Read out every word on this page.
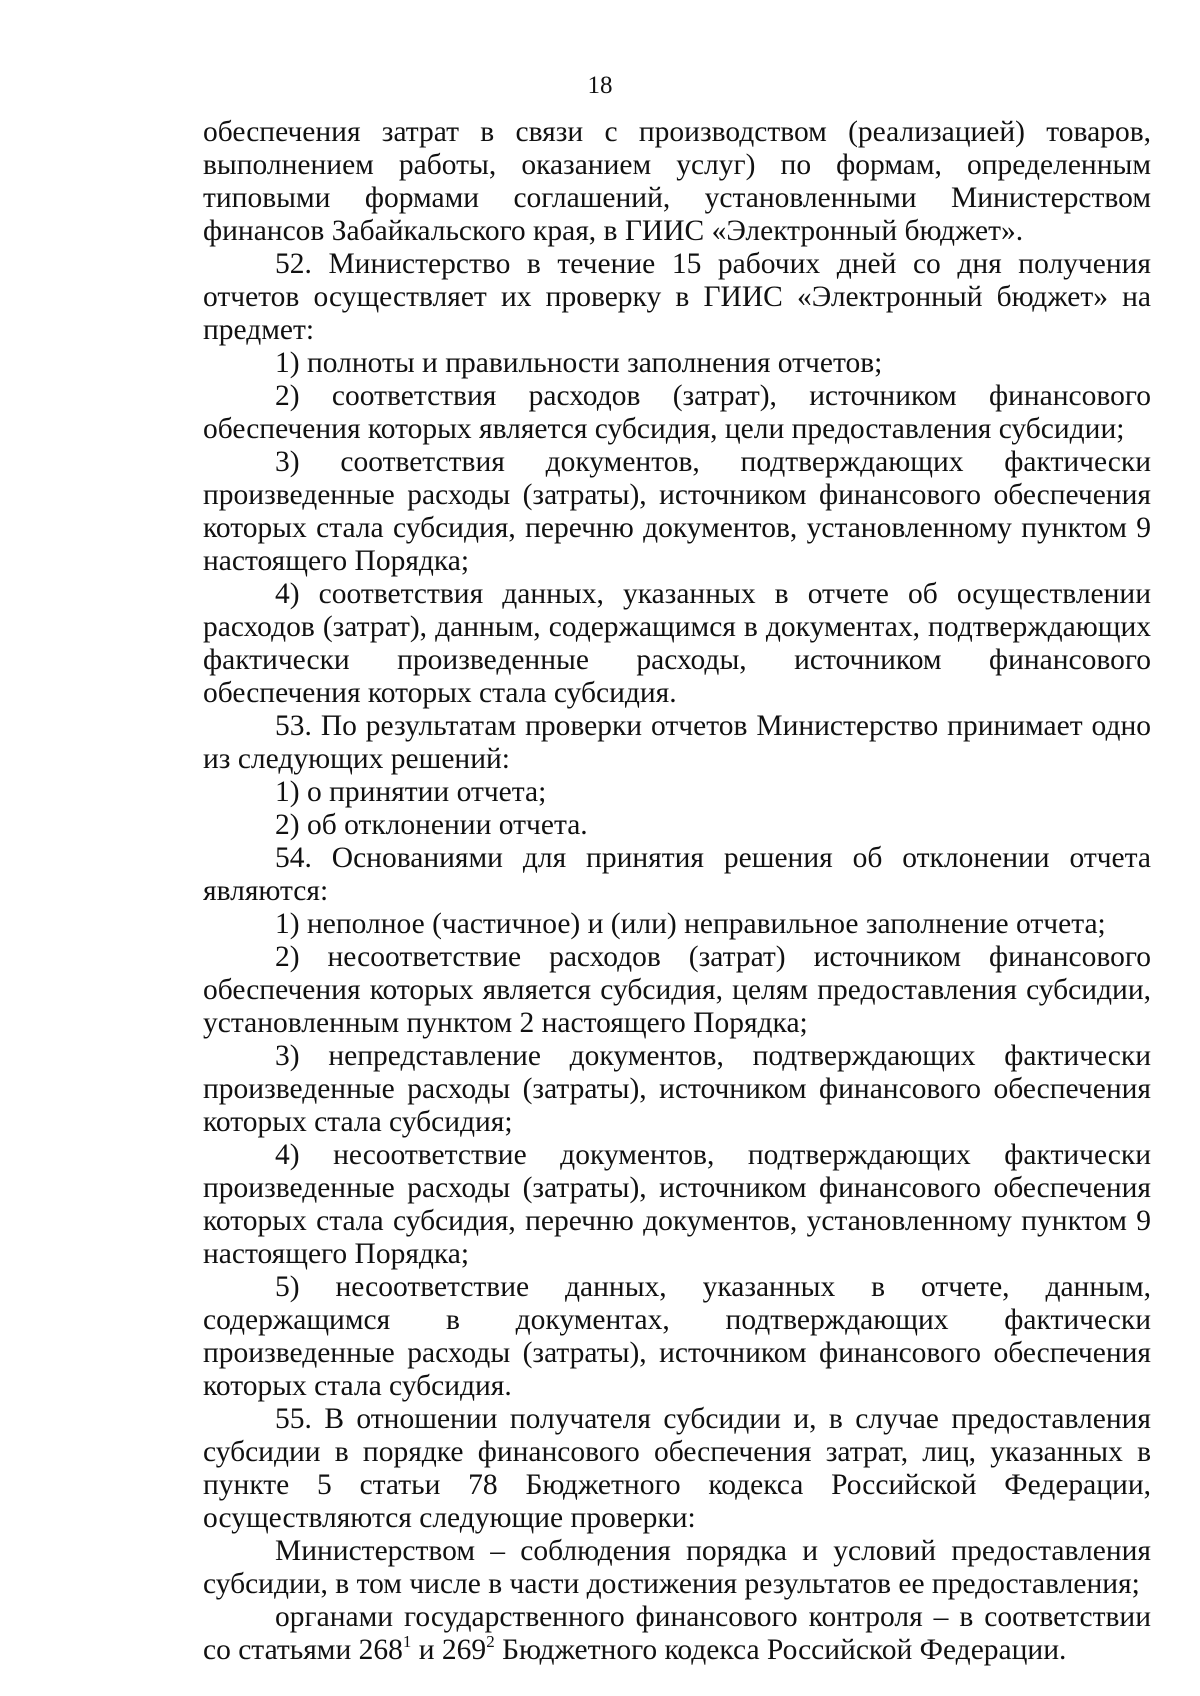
18

обеспечения затрат в связи с производством (реализацией) товаров, выполнением работы, оказанием услуг) по формам, определенным типовыми формами соглашений, установленными Министерством финансов Забайкальского края, в ГИИС «Электронный бюджет».

52. Министерство в течение 15 рабочих дней со дня получения отчетов осуществляет их проверку в ГИИС «Электронный бюджет» на предмет:

1) полноты и правильности заполнения отчетов;

2) соответствия расходов (затрат), источником финансового обеспечения которых является субсидия, цели предоставления субсидии;

3) соответствия документов, подтверждающих фактически произведенные расходы (затраты), источником финансового обеспечения которых стала субсидия, перечню документов, установленному пунктом 9 настоящего Порядка;

4) соответствия данных, указанных в отчете об осуществлении расходов (затрат), данным, содержащимся в документах, подтверждающих фактически произведенные расходы, источником финансового обеспечения которых стала субсидия.

53. По результатам проверки отчетов Министерство принимает одно из следующих решений:

1) о принятии отчета;

2) об отклонении отчета.

54. Основаниями для принятия решения об отклонении отчета являются:

1) неполное (частичное) и (или) неправильное заполнение отчета;

2) несоответствие расходов (затрат) источником финансового обеспечения которых является субсидия, целям предоставления субсидии, установленным пунктом 2 настоящего Порядка;

3) непредставление документов, подтверждающих фактически произведенные расходы (затраты), источником финансового обеспечения которых стала субсидия;

4) несоответствие документов, подтверждающих фактически произведенные расходы (затраты), источником финансового обеспечения которых стала субсидия, перечню документов, установленному пунктом 9 настоящего Порядка;

5) несоответствие данных, указанных в отчете, данным, содержащимся в документах, подтверждающих фактически произведенные расходы (затраты), источником финансового обеспечения которых стала субсидия.

55. В отношении получателя субсидии и, в случае предоставления субсидии в порядке финансового обеспечения затрат, лиц, указанных в пункте 5 статьи 78 Бюджетного кодекса Российской Федерации, осуществляются следующие проверки:

Министерством – соблюдения порядка и условий предоставления субсидии, в том числе в части достижения результатов ее предоставления;

органами государственного финансового контроля – в соответствии со статьями $268^1$ и $269^2$ Бюджетного кодекса Российской Федерации.
